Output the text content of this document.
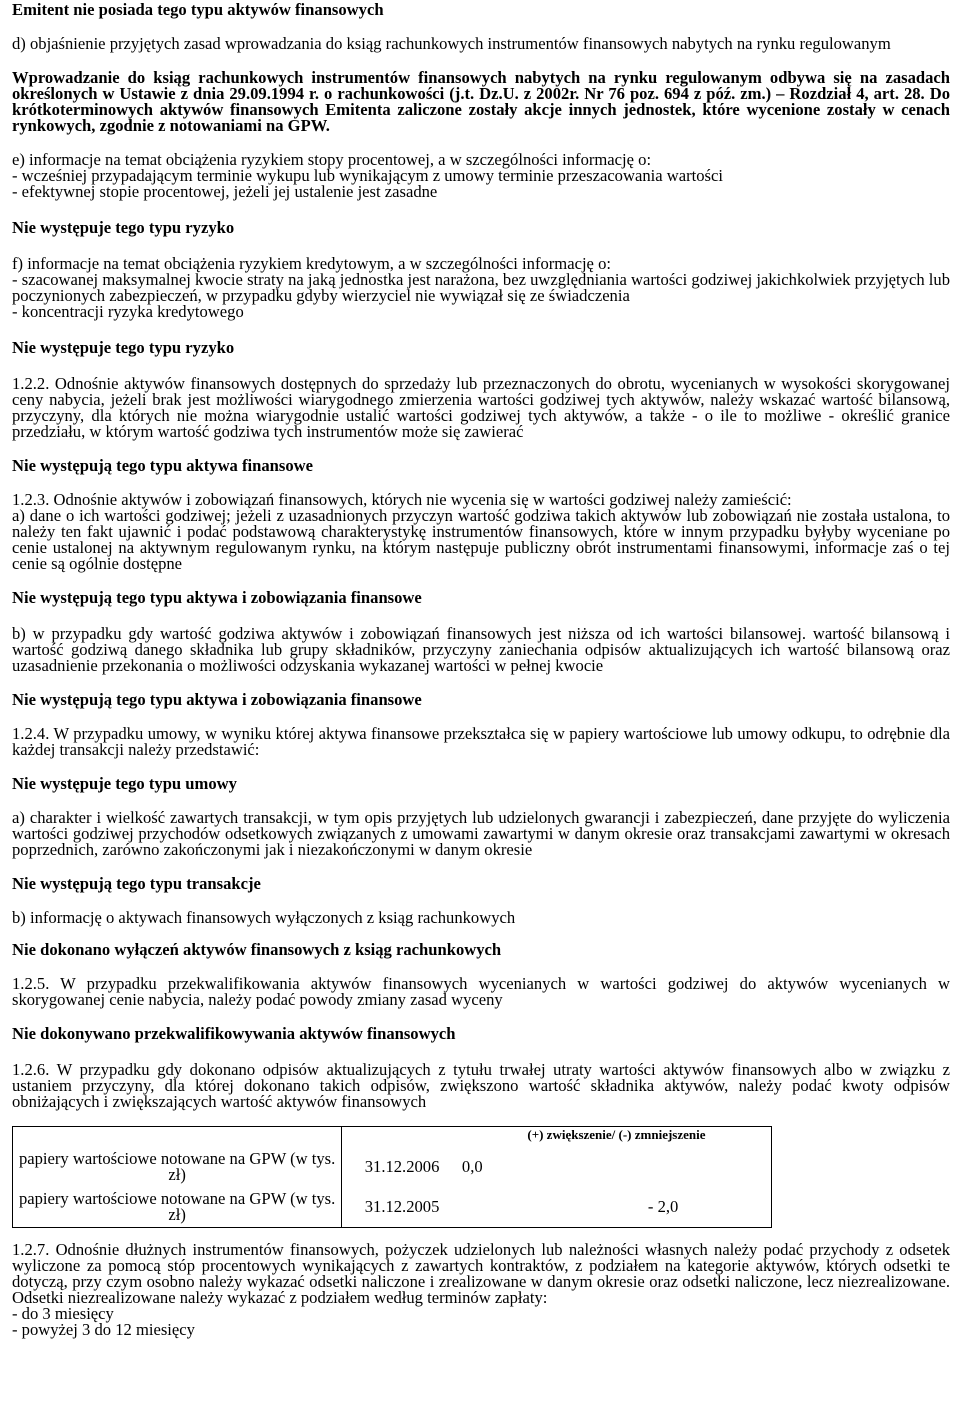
Emitent nie posiada tego typu aktywów finansowych

d) objaśnienie przyjętych zasad wprowadzania do ksiąg rachunkowych instrumentów finansowych nabytych na rynku regulowanym

Wprowadzanie do ksiąg rachunkowych instrumentów finansowych nabytych na rynku regulowanym odbywa się na zasadach określonych w Ustawie z dnia 29.09.1994 r. o rachunkowości (j.t. Dz.U. z 2002r. Nr 76 poz. 694 z póź. zm.) – Rozdział 4, art. 28. Do krótkoterminowych aktywów finansowych Emitenta zaliczone zostały akcje innych jednostek, które wycenione zostały w cenach rynkowych, zgodnie z notowaniami na GPW.

e) informacje na temat obciążenia ryzykiem stopy procentowej, a w szczególności informację o:

- wcześniej przypadającym terminie wykupu lub wynikającym z umowy terminie przeszacowania wartości

- efektywnej stopie procentowej, jeżeli jej ustalenie jest zasadne

Nie występuje tego typu ryzyko

f) informacje na temat obciążenia ryzykiem kredytowym, a w szczególności informację o:

- szacowanej maksymalnej kwocie straty na jaką jednostka jest narażona, bez uwzględniania wartości godziwej jakichkolwiek przyjętych lub poczynionych zabezpieczeń, w przypadku gdyby wierzyciel nie wywiązał się ze świadczenia

- koncentracji ryzyka kredytowego

Nie występuje tego typu ryzyko

1.2.2. Odnośnie aktywów finansowych dostępnych do sprzedaży lub przeznaczonych do obrotu, wycenianych w wysokości skorygowanej ceny nabycia, jeżeli brak jest możliwości wiarygodnego zmierzenia wartości godziwej tych aktywów, należy wskazać wartość bilansową, przyczyny, dla których nie można wiarygodnie ustalić wartości godziwej tych aktywów, a także - o ile to możliwe - określić granice przedziału, w którym wartość godziwa tych instrumentów może się zawierać

Nie występują tego typu aktywa finansowe

1.2.3. Odnośnie aktywów i zobowiązań finansowych, których nie wycenia się w wartości godziwej należy zamieścić:

a) dane o ich wartości godziwej; jeżeli z uzasadnionych przyczyn wartość godziwa takich aktywów lub zobowiązań nie została ustalona, to należy ten fakt ujawnić i podać podstawową charakterystykę instrumentów finansowych, które w innym przypadku byłyby wyceniane po cenie ustalonej na aktywnym regulowanym rynku, na którym następuje publiczny obrót instrumentami finansowymi, informacje zaś o tej cenie są ogólnie dostępne

Nie występują tego typu aktywa i zobowiązania finansowe

b) w przypadku gdy wartość godziwa aktywów i zobowiązań finansowych jest niższa od ich wartości bilansowej. wartość bilansową i wartość godziwą danego składnika lub grupy składników, przyczyny zaniechania odpisów aktualizujących ich wartość bilansową oraz uzasadnienie przekonania o możliwości odzyskania wykazanej wartości w pełnej kwocie

Nie występują tego typu aktywa i zobowiązania finansowe

1.2.4. W przypadku umowy, w wyniku której aktywa finansowe przekształca się w papiery wartościowe lub umowy odkupu, to odrębnie dla każdej transakcji należy przedstawić:

Nie występuje tego typu umowy

a) charakter i wielkość zawartych transakcji, w tym opis przyjętych lub udzielonych gwarancji i zabezpieczeń, dane przyjęte do wyliczenia wartości godziwej przychodów odsetkowych związanych z umowami zawartymi w danym okresie oraz transakcjami zawartymi w okresach poprzednich, zarówno zakończonymi jak i niezakończonymi w danym okresie

Nie występują tego typu transakcje

b) informację o aktywach finansowych wyłączonych z ksiąg rachunkowych

Nie dokonano wyłączeń aktywów finansowych z ksiąg rachunkowych

1.2.5. W przypadku przekwalifikowania aktywów finansowych wycenianych w wartości godziwej do aktywów wycenianych w skorygowanej cenie nabycia, należy podać powody zmiany zasad wyceny

Nie dokonywano przekwalifikowywania aktywów finansowych

1.2.6. W przypadku gdy dokonano odpisów aktualizujących z tytułu trwałej utraty wartości aktywów finansowych albo w związku z ustaniem przyczyny, dla której dokonano takich odpisów, zwiększono wartość składnika aktywów, należy podać kwoty odpisów obniżających i zwiększających wartość aktywów finansowych

		(+) zwiększenie/ (-) zmniejszenie
papiery wartościowe notowane na GPW (w tys. zł)	31.12.2006	0,0
papiery wartościowe notowane na GPW (w tys. zł)	31.12.2005	- 2,0

1.2.7. Odnośnie dłużnych instrumentów finansowych, pożyczek udzielonych lub należności własnych należy podać przychody z odsetek wyliczone za pomocą stóp procentowych wynikających z zawartych kontraktów, z podziałem na kategorie aktywów, których odsetki te dotyczą, przy czym osobno należy wykazać odsetki naliczone i zrealizowane w danym okresie oraz odsetki naliczone, lecz niezrealizowane. Odsetki niezrealizowane należy wykazać z podziałem według terminów zapłaty:

- do 3 miesięcy

- powyżej 3 do 12 miesięcy
